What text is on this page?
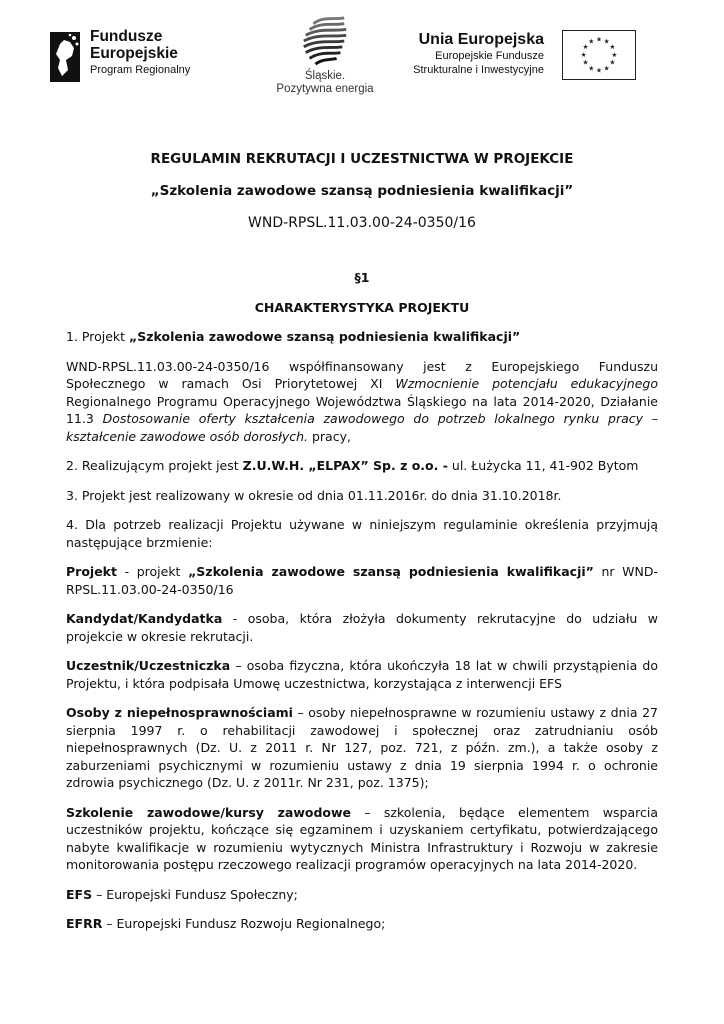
Fundusze
Europejskie
Program Regionalny	Śląskie.
Pozytywna energia
Unia Europejska
Europejskie Fundusze
Strukturalne i Inwestycyjne
★ ★
★
★
★
★
★
★
★
★
★
★
REGULAMIN REKRUTACJI I UCZESTNICTWA W PROJEKCIE
„Szkolenia zawodowe szansą podniesienia kwalifikacji”
WND-RPSL.11.03.00-24-0350/16
§1
CHARAKTERYSTYKA PROJEKTU

1. Projekt „Szkolenia zawodowe szansą podniesienia kwalifikacji”

WND-RPSL.11.03.00-24-0350/16 współfinansowany jest z Europejskiego Funduszu Społecznego w ramach Osi Priorytetowej XI Wzmocnienie potencjału edukacyjnego Regionalnego Programu Operacyjnego Województwa Śląskiego na lata 2014-2020, Działanie 11.3 Dostosowanie oferty kształcenia zawodowego do potrzeb lokalnego rynku pracy – kształcenie zawodowe osób dorosłych. pracy,

2. Realizującym projekt jest Z.U.W.H. „ELPAX” Sp. z o.o. - ul. Łużycka 11, 41-902 Bytom

3. Projekt jest realizowany w okresie od dnia 01.11.2016r. do dnia 31.10.2018r.

4. Dla potrzeb realizacji Projektu używane w niniejszym regulaminie określenia przyjmują następujące brzmienie:

Projekt - projekt „Szkolenia zawodowe szansą podniesienia kwalifikacji” nr WND-RPSL.11.03.00-24-0350/16

Kandydat/Kandydatka - osoba, która złożyła dokumenty rekrutacyjne do udziału w projekcie w okresie rekrutacji.

Uczestnik/Uczestniczka – osoba fizyczna, która ukończyła 18 lat w chwili przystąpienia do Projektu, i która podpisała Umowę uczestnictwa, korzystająca z interwencji EFS

Osoby z niepełnosprawnościami – osoby niepełnosprawne w rozumieniu ustawy z dnia 27 sierpnia 1997 r. o rehabilitacji zawodowej i społecznej oraz zatrudnianiu osób niepełnosprawnych (Dz. U. z 2011 r. Nr 127, poz. 721, z późn. zm.), a także osoby z zaburzeniami psychicznymi w rozumieniu ustawy z dnia 19 sierpnia 1994 r. o ochronie zdrowia psychicznego (Dz. U. z 2011r. Nr 231, poz. 1375);

Szkolenie zawodowe/kursy zawodowe – szkolenia, będące elementem wsparcia uczestników projektu, kończące się egzaminem i uzyskaniem certyfikatu, potwierdzającego nabyte kwalifikacje w rozumieniu wytycznych Ministra Infrastruktury i Rozwoju w zakresie monitorowania postępu rzeczowego realizacji programów operacyjnych na lata 2014-2020.

EFS – Europejski Fundusz Społeczny;

EFRR – Europejski Fundusz Rozwoju Regionalnego;
